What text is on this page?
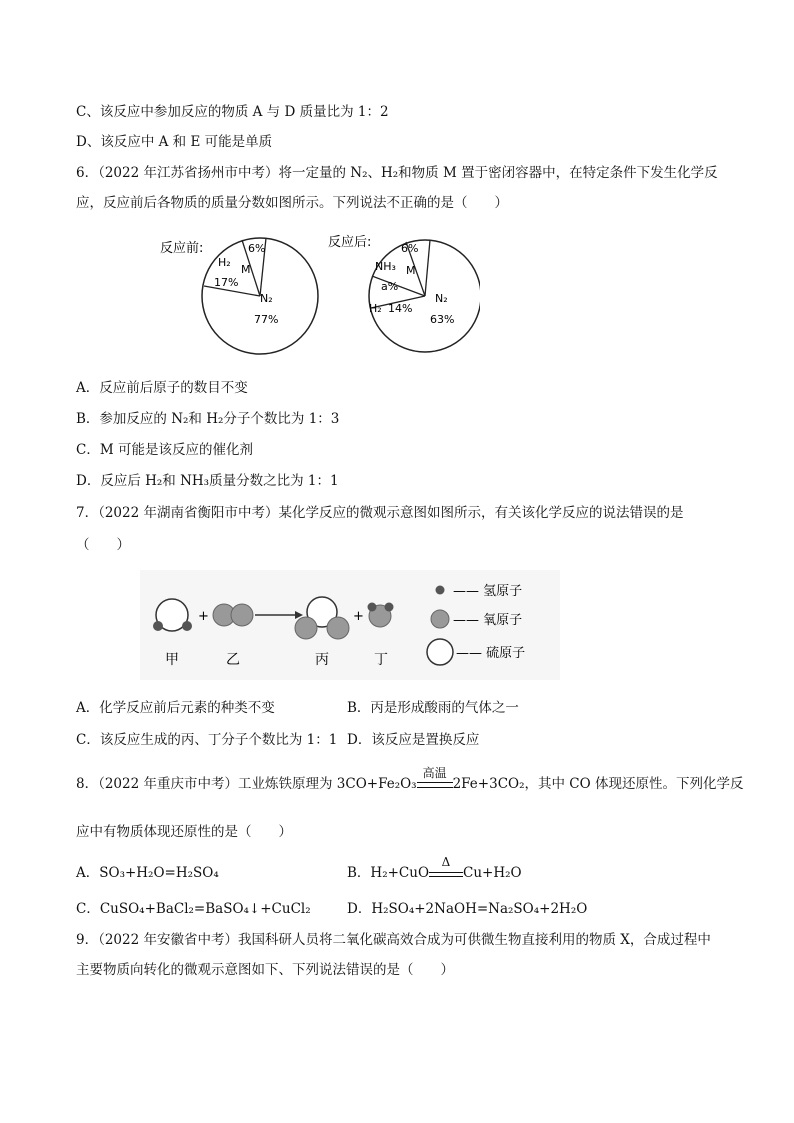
C、该反应中参加反应的物质 A 与 D 质量比为 1：2
D、该反应中 A 和 E 可能是单质
6．（2022 年江苏省扬州市中考）将一定量的 N₂、H₂和物质 M 置于密闭容器中，在特定条件下发生化学反
应，反应前后各物质的质量分数如图所示。下列说法不正确的是（　　）
反应前:	6%
M
H₂
17%
N₂
77%
反应后:	6%
M
NH₃
a%
H₂ 14%
N₂
63%
A．反应前后原子的数目不变
B．参加反应的 N₂和 H₂分子个数比为 1：3
C．M 可能是该反应的催化剂
D．反应后 H₂和 NH₃质量分数之比为 1：1
7．（2022 年湖南省衡阳市中考）某化学反应的微观示意图如图所示，有关该化学反应的说法错误的是
（　　）
+	+
甲	乙	丙	丁
—— 氢原子
—— 氧原子
—— 硫原子
A．化学反应前后元素的种类不变	B．丙是形成酸雨的气体之一
C．该反应生成的丙、丁分子个数比为 1：1 D．该反应是置换反应
8．（2022 年重庆市中考）工业炼铁原理为 3CO+Fe₂O₃
高温
2Fe+3CO₂，其中 CO 体现还原性。下列化学反
应中有物质体现还原性的是（　　）
A．SO₃+H₂O=H₂SO₄	B．H₂+CuO
Δ
Cu+H₂O
C．CuSO₄+BaCl₂=BaSO₄↓+CuCl₂	D．H₂SO₄+2NaOH=Na₂SO₄+2H₂O
9．（2022 年安徽省中考）我国科研人员将二氧化碳高效合成为可供微生物直接利用的物质 X，合成过程中
主要物质向转化的微观示意图如下、下列说法错误的是（　　）
